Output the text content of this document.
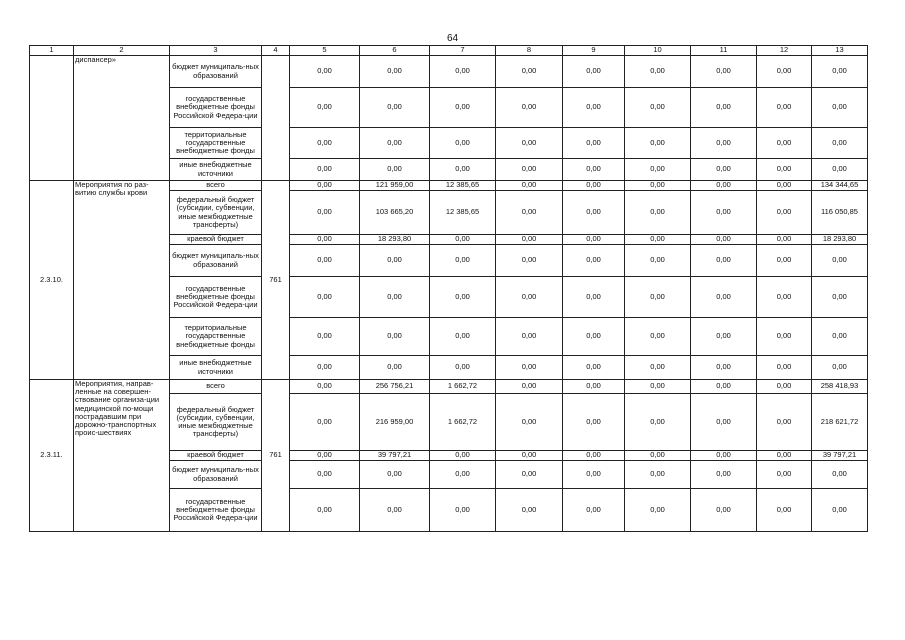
64
1	2	3	4	5	6	7	8	9	10	11	12	13
	диспансер»	бюджет муниципаль-ных образований		0,00	0,00	0,00	0,00	0,00	0,00	0,00	0,00	0,00
		государственные внебюджетные фонды Российской Федера-ции		0,00	0,00	0,00	0,00	0,00	0,00	0,00	0,00	0,00
		территориальные государственные внебюджетные фонды		0,00	0,00	0,00	0,00	0,00	0,00	0,00	0,00	0,00
		иные внебюджетные источники		0,00	0,00	0,00	0,00	0,00	0,00	0,00	0,00	0,00
2.3.10.	Мероприятия по раз-витию службы крови	всего	761	0,00	121 959,00	12 385,65	0,00	0,00	0,00	0,00	0,00	134 344,65
		федеральный бюджет (субсидии, субвенции, иные межбюджетные трансферты)		0,00	103 665,20	12 385,65	0,00	0,00	0,00	0,00	0,00	116 050,85
		краевой бюджет		0,00	18 293,80	0,00	0,00	0,00	0,00	0,00	0,00	18 293,80
		бюджет муниципаль-ных образований		0,00	0,00	0,00	0,00	0,00	0,00	0,00	0,00	0,00
		государственные внебюджетные фонды Российской Федера-ции		0,00	0,00	0,00	0,00	0,00	0,00	0,00	0,00	0,00
		территориальные государственные внебюджетные фонды		0,00	0,00	0,00	0,00	0,00	0,00	0,00	0,00	0,00
		иные внебюджетные источники		0,00	0,00	0,00	0,00	0,00	0,00	0,00	0,00	0,00
2.3.11.	Мероприятия, направ-ленные на совершен-ствование организа-ции медицинской по-мощи пострадавшим при дорожно-транспортных проис-шествиях	всего	761	0,00	256 756,21	1 662,72	0,00	0,00	0,00	0,00	0,00	258 418,93
		федеральный бюджет (субсидии, субвенции, иные межбюджетные трансферты)		0,00	216 959,00	1 662,72	0,00	0,00	0,00	0,00	0,00	218 621,72
		краевой бюджет		0,00	39 797,21	0,00	0,00	0,00	0,00	0,00	0,00	39 797,21
		бюджет муниципаль-ных образований		0,00	0,00	0,00	0,00	0,00	0,00	0,00	0,00	0,00
		государственные внебюджетные фонды Российской Федера-ции		0,00	0,00	0,00	0,00	0,00	0,00	0,00	0,00	0,00
